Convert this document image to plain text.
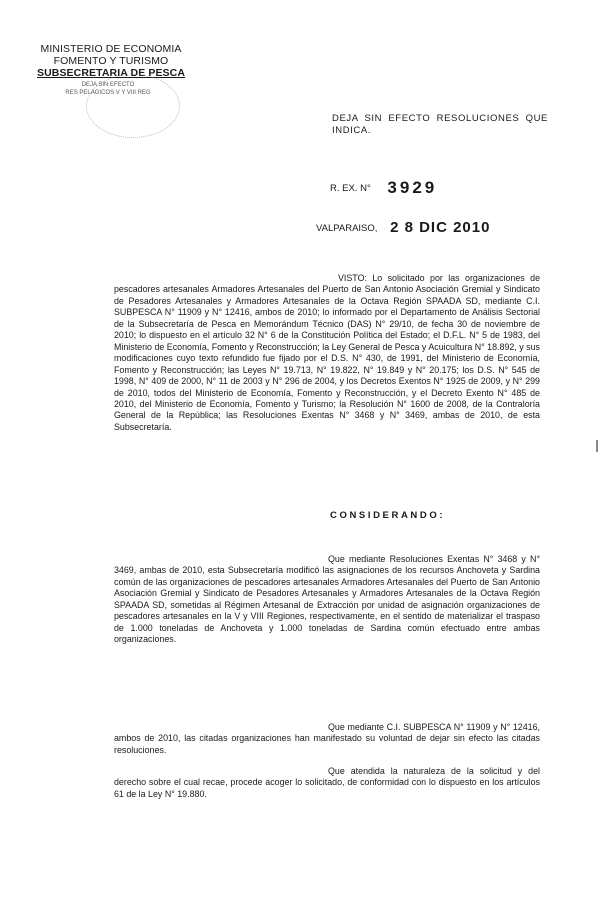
MINISTERIO DE ECONOMIA
FOMENTO Y TURISMO
SUBSECRETARIA DE PESCA
DEJA SIN EFECTO
RES PELAGICOS V Y VIII REG
DEJA SIN EFECTO RESOLUCIONES QUE INDICA.
R. EX. N° 3929
VALPARAISO, 2 8 DIC 2010
VISTO: Lo solicitado por las organizaciones de pescadores artesanales Armadores Artesanales del Puerto de San Antonio Asociación Gremial y Sindicato de Pesadores Artesanales y Armadores Artesanales de la Octava Región SPAADA SD, mediante C.I. SUBPESCA N° 11909 y N° 12416, ambos de 2010; lo informado por el Departamento de Análisis Sectorial de la Subsecretaría de Pesca en Memorándum Técnico (DAS) N° 29/10, de fecha 30 de noviembre de 2010; lo dispuesto en el artículo 32 N° 6 de la Constitución Política del Estado; el D.F.L. N° 5 de 1983, del Ministerio de Economía, Fomento y Reconstrucción; la Ley General de Pesca y Acuicultura N° 18.892, y sus modificaciones cuyo texto refundido fue fijado por el D.S. N° 430, de 1991, del Ministerio de Economía, Fomento y Reconstrucción; las Leyes N° 19.713, N° 19.822, N° 19.849 y N° 20.175; los D.S. N° 545 de 1998, N° 409 de 2000, N° 11 de 2003 y N° 296 de 2004, y los Decretos Exentos N° 1925 de 2009, y N° 299 de 2010, todos del Ministerio de Economía, Fomento y Reconstrucción, y el Decreto Exento N° 485 de 2010, del Ministerio de Economía, Fomento y Turismo; la Resolución N° 1600 de 2008, de la Contraloría General de la República; las Resoluciones Exentas N° 3468 y N° 3469, ambas de 2010, de esta Subsecretaría.
CONSIDERANDO:
Que mediante Resoluciones Exentas N° 3468 y N° 3469, ambas de 2010, esta Subsecretaría modificó las asignaciones de los recursos Anchoveta y Sardina común de las organizaciones de pescadores artesanales Armadores Artesanales del Puerto de San Antonio Asociación Gremial y Sindicato de Pesadores Artesanales y Armadores Artesanales de la Octava Región SPAADA SD, sometidas al Régimen Artesanal de Extracción por unidad de asignación organizaciones de pescadores artesanales en la V y VIII Regiones, respectivamente, en el sentido de materializar el traspaso de 1.000 toneladas de Anchoveta y 1.000 toneladas de Sardina común efectuado entre ambas organizaciones.
Que mediante C.I. SUBPESCA N° 11909 y N° 12416, ambos de 2010, las citadas organizaciones han manifestado su voluntad de dejar sin efecto las citadas resoluciones.
Que atendida la naturaleza de la solicitud y del derecho sobre el cual recae, procede acoger lo solicitado, de conformidad con lo dispuesto en los artículos 61 de la Ley N° 19.880.
